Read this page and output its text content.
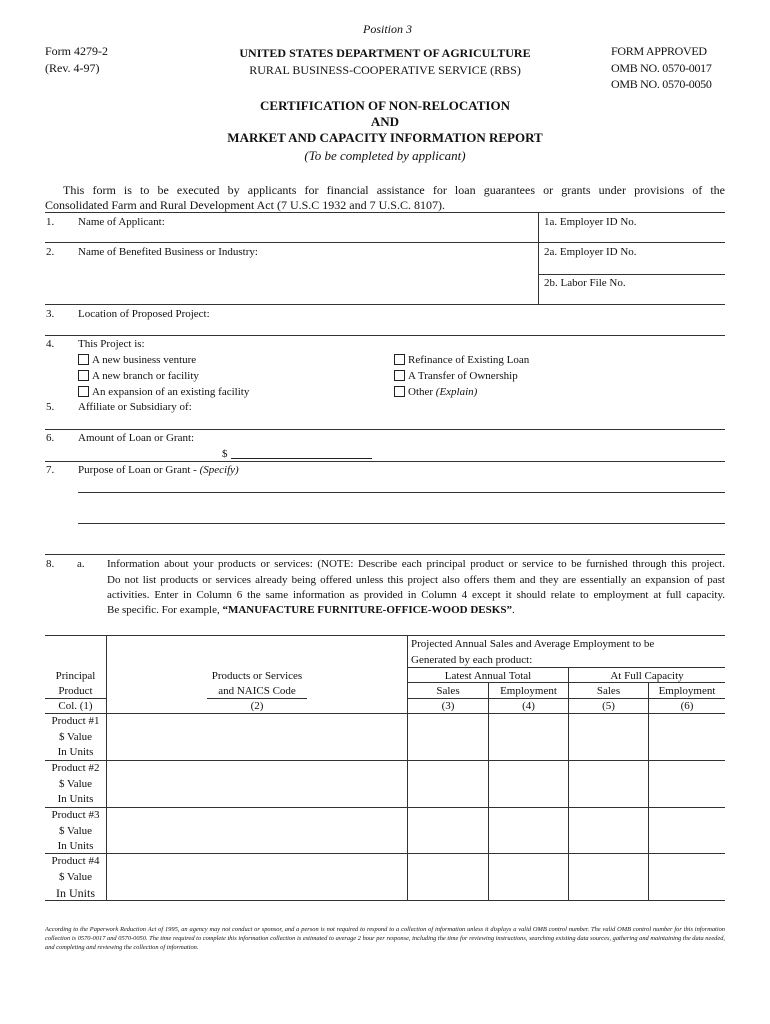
Position 3
Form 4279-2
(Rev. 4-97)
UNITED STATES DEPARTMENT OF AGRICULTURE
RURAL BUSINESS-COOPERATIVE SERVICE (RBS)
FORM APPROVED
OMB NO. 0570-0017
OMB NO. 0570-0050
CERTIFICATION OF NON-RELOCATION
AND
MARKET AND CAPACITY INFORMATION REPORT
(To be completed by applicant)
This form is to be executed by applicants for financial assistance for loan guarantees or grants under provisions of the
Consolidated Farm and Rural Development Act (7 U.S.C 1932 and 7 U.S.C. 8107).
1. Name of Applicant:	1a. Employer ID No.
2. Name of Benefited Business or Industry:	2a. Employer ID No.
2b. Labor File No.
3. Location of Proposed Project:
4. This Project is:
A new business venture
A new branch or facility
An expansion of an existing facility
Refinance of Existing Loan
A Transfer of Ownership
Other (Explain)
5. Affiliate or Subsidiary of:
6. Amount of Loan or Grant:
$
7. Purpose of Loan or Grant - (Specify)
8. a. Information about your products or services: (NOTE: Describe each principal product or service to be furnished through this project.
Do not list products or services already being offered unless this project also offers them and they are essentially an expansion of past
activities. Enter in Column 6 the same information as provided in Column 4 except it should relate to employment at full capacity.
Be specific. For example, “MANUFACTURE FURNITURE-OFFICE-WOOD DESKS”.
Projected Annual Sales and Average Employment to be
Generated by each product:
Latest Annual Total	At Full Capacity
Principal
Product
Products or Services
and NAICS Code	Sales	Employment	Sales	Employment
Col. (1)	(2)	(3)	(4)	(5)	(6)
Product #1
$ Value
In Units
Product #2
$ Value
In Units
Product #3
$ Value
In Units
Product #4
$ Value
In Units
According to the Paperwork Reduction Act of 1995, an agency may not conduct or sponsor, and a person is not required to respond to a collection of information unless it displays a valid OMB control number. The valid OMB control number for this information collection is 0570-0017 and 0570-0050. The time required to complete this information collection is estimated to average 2 hour per response, including the time for reviewing instructions, searching existing data sources, gathering and maintaining the data needed, and completing and reviewing the collection of information.
